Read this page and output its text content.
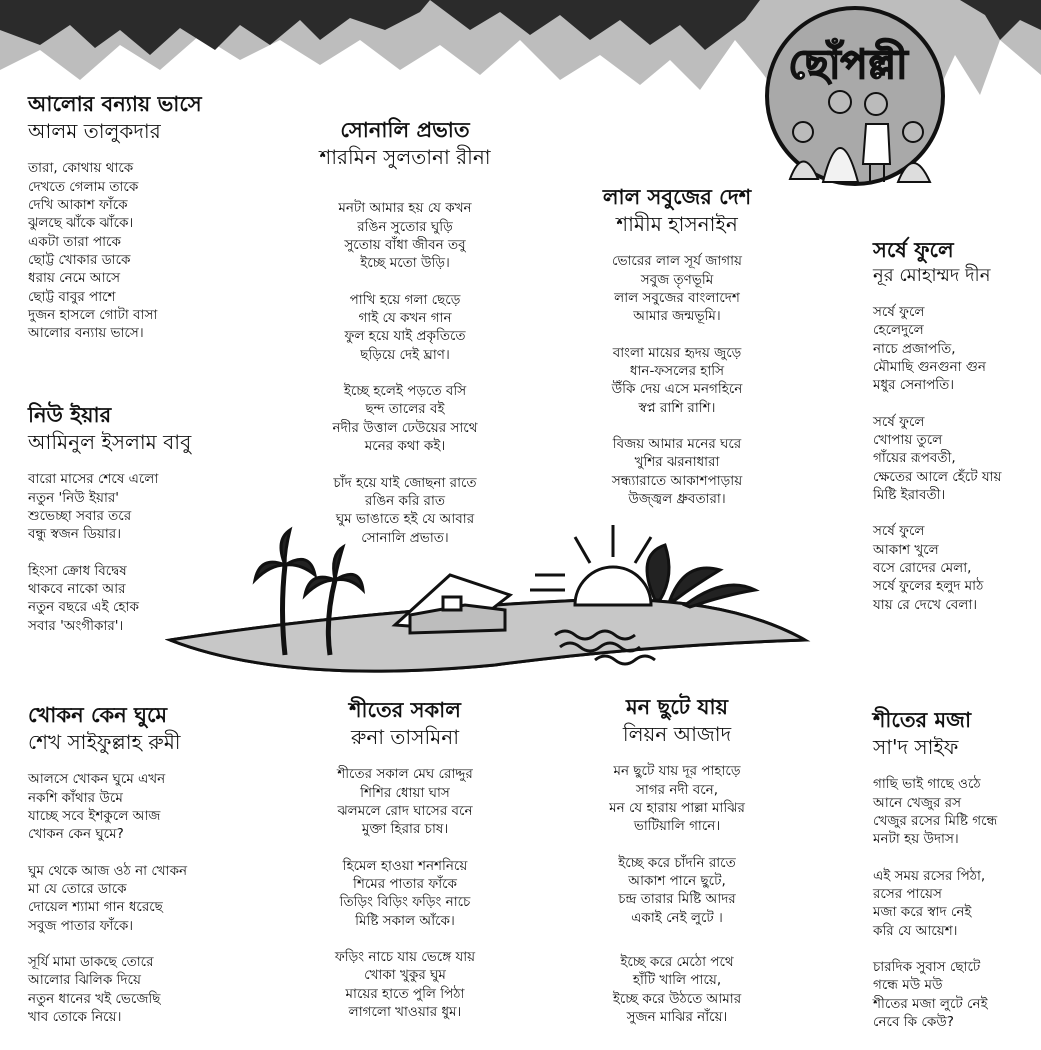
ছোঁপল্লী
আলোর বন্যায় ভাসে
আলম তালুকদার
তারা, কোথায় থাকে
দেখতে গেলাম তাকে
দেখি আকাশ ফাঁকে
ঝুলছে ঝাঁকে ঝাঁকে।
একটা তারা পাকে
ছোট্ট খোকার ডাকে
ধরায় নেমে আসে
ছোট্ট বাবুর পাশে
দুজন হাসলে গোটা বাসা
আলোর বন্যায় ভাসে।
নিউ ইয়ার
আমিনুল ইসলাম বাবু
বারো মাসের শেষে এলো
নতুন 'নিউ ইয়ার'
শুভেচ্ছা সবার তরে
বন্ধু স্বজন ডিয়ার।
হিংসা ক্রোধ বিদ্বেষ
থাকবে নাকো আর
নতুন বছরে এই হোক
সবার 'অংগীকার'।
সোনালি প্রভাত
শারমিন সুলতানা রীনা
মনটা আমার হয় যে কখন
রঙিন সুতোর ঘুড়ি
সুতোয় বাঁধা জীবন তবু
ইচ্ছে মতো উড়ি।
পাখি হয়ে গলা ছেড়ে
গাই যে কখন গান
ফুল হয়ে যাই প্রকৃতিতে
ছড়িয়ে দেই ঘ্রাণ।
ইচ্ছে হলেই পড়তে বসি
ছন্দ তালের বই
নদীর উত্তাল ঢেউয়ের সাথে
মনের কথা কই।
চাঁদ হয়ে যাই জোছনা রাতে
রঙিন করি রাত
ঘুম ভাঙাতে হই যে আবার
সোনালি প্রভাত।
লাল সবুজের দেশ
শামীম হাসনাইন
ভোরের লাল সূর্য জাগায়
সবুজ তৃণভূমি
লাল সবুজের বাংলাদেশ
আমার জন্মভূমি।
বাংলা মায়ের হৃদয় জুড়ে
ধান-ফসলের হাসি
উঁকি দেয় এসে মনগহিনে
স্বপ্ন রাশি রাশি।
বিজয় আমার মনের ঘরে
খুশির ঝরনাধারা
সন্ধ্যারাতে আকাশপাড়ায়
উজ্জ্বল ধ্রুবতারা।
সর্ষে ফুলে
নূর মোহাম্মদ দীন
সর্ষে ফুলে
হেলেদুলে
নাচে প্রজাপতি,
মৌমাছি গুনগুনা গুন
মধুর সেনাপতি।
সর্ষে ফুলে
খোপায় তুলে
গাঁয়ের রূপবতী,
ক্ষেতের আলে হেঁটে যায়
মিষ্টি ইরাবতী।
সর্ষে ফুলে
আকাশ খুলে
বসে রোদের মেলা,
সর্ষে ফুলের হলুদ মাঠ
যায় রে দেখে বেলা।
খোকন কেন ঘুমে
শেখ সাইফুল্লাহ রুমী
আলসে খোকন ঘুমে এখন
নকশি কাঁথার উমে
যাচ্ছে সবে ইশকুলে আজ
খোকন কেন ঘুমে?
ঘুম থেকে আজ ওঠ না খোকন
মা যে তোরে ডাকে
দোয়েল শ্যামা গান ধরেছে
সবুজ পাতার ফাঁকে।
সূর্যি মামা ডাকছে তোরে
আলোর ঝিলিক দিয়ে
নতুন ধানের খই ভেজেছি
খাব তোকে নিয়ে।
শীতের সকাল
রুনা তাসমিনা
শীতের সকাল মেঘ রোদ্দুর
শিশির ধোয়া ঘাস
ঝলমলে রোদ ঘাসের বনে
মুক্তা হিরার চাষ।
হিমেল হাওয়া শনশনিয়ে
শিমের পাতার ফাঁকে
তিড়িং বিড়িং ফড়িং নাচে
মিষ্টি সকাল আঁকে।
ফড়িং নাচে যায় ভেঙ্গে যায়
খোকা খুকুর ঘুম
মায়ের হাতে পুলি পিঠা
লাগলো খাওয়ার ধুম।
মন ছুটে যায়
লিয়ন আজাদ
মন ছুটে যায় দূর পাহাড়ে
সাগর নদী বনে,
মন যে হারায় পাল্লা মাঝির
ভাটিয়ালি গানে।
ইচ্ছে করে চাঁদনি রাতে
আকাশ পানে ছুটে,
চন্দ্র তারার মিষ্টি আদর
একাই নেই লুটে ।
ইচ্ছে করে মেঠো পথে
হাঁটি খালি পায়ে,
ইচ্ছে করে উঠতে আমার
সুজন মাঝির নাঁয়ে।
শীতের মজা
সা'দ সাইফ
গাছি ভাই গাছে ওঠে
আনে খেজুর রস
খেজুর রসের মিষ্টি গন্ধে
মনটা হয় উদাস।
এই সময় রসের পিঠা,
রসের পায়েস
মজা করে স্বাদ নেই
করি যে আয়েশ।
চারদিক সুবাস ছোটে
গন্ধে মউ মউ
শীতের মজা লুটে নেই
নেবে কি কেউ?
